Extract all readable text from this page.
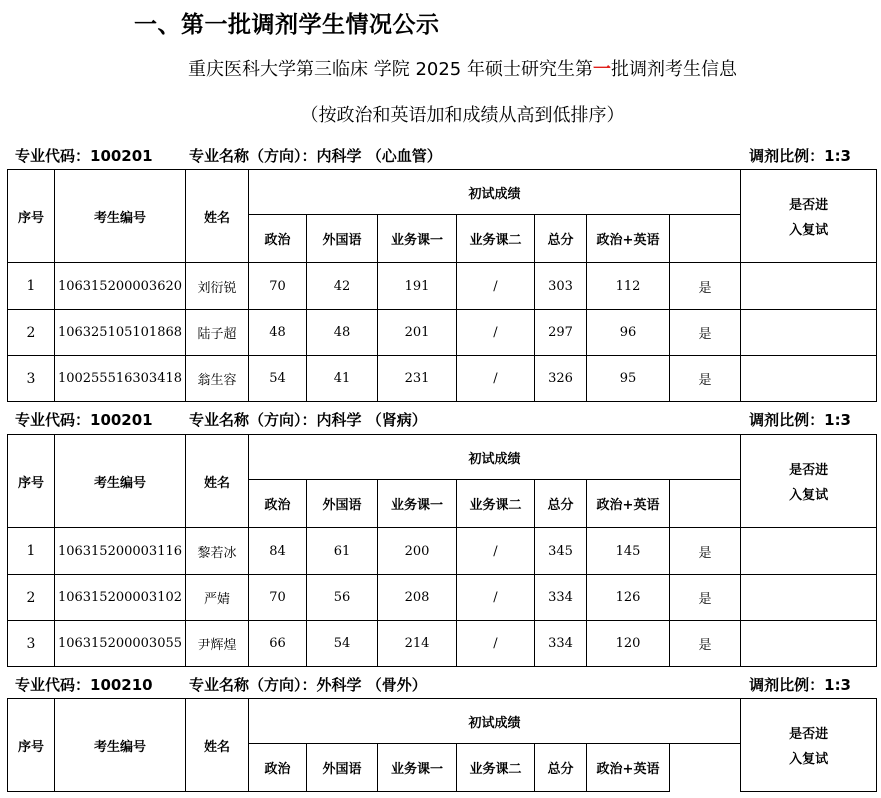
一、第一批调剂学生情况公示
重庆医科大学第三临床 学院 2025 年硕士研究生第一批调剂考生信息
（按政治和英语加和成绩从高到低排序）
专业代码：100201 专业名称（方向）：内科学 （心血管）	调剂比例：1:3
序号	考生编号	姓名	初试成绩							是否进
入复试

			政治	外国语	业务课一	业务课二	总分	政治+英语			
1	106315200003620	刘衍锐	70	42	191	/	303	112	是		
2	106325105101868	陆子超	48	48	201	/	297	96	是		
3	100255516303418	翁生容	54	41	231	/	326	95	是		
专业代码：100201 专业名称（方向）：内科学 （肾病）	调剂比例：1:3
序号	考生编号	姓名	初试成绩							是否进
入复试

			政治	外国语	业务课一	业务课二	总分	政治+英语			
1	106315200003116	黎若冰	84	61	200	/	345	145	是		
2	106315200003102	严婧	70	56	208	/	334	126	是		
3	106315200003055	尹辉煌	66	54	214	/	334	120	是		
专业代码：100210 专业名称（方向）：外科学 （骨外）	调剂比例：1:3
序号	考生编号	姓名	初试成绩						是否进
入复试

			政治	外国语	业务课一	业务课二	总分	政治+英语		
